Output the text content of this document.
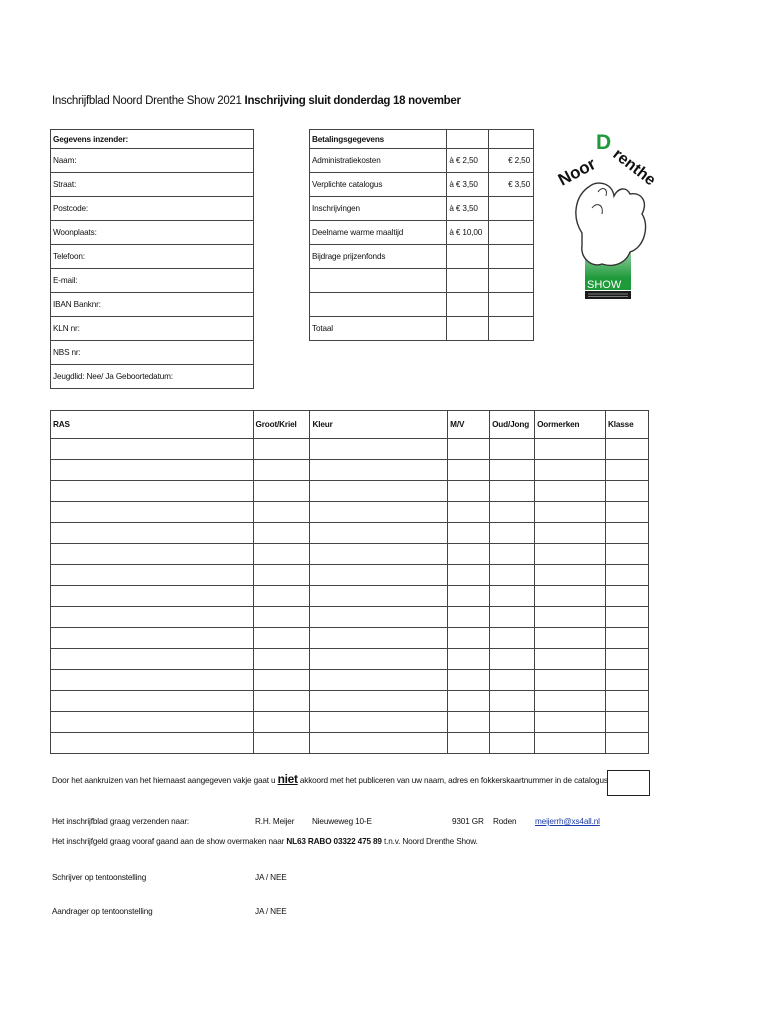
Inschrijfblad Noord Drenthe Show 2021 Inschrijving sluit donderdag 18 november
Gegevens inzender:
Naam:
Straat:
Postcode:
Woonplaats:
Telefoon:
E-mail:
IBAN Banknr:
KLN nr:
NBS nr:
Jeugdlid: Nee/ Ja Geboortedatum:
Betalingsgegevens		
Administratiekosten	à € 2,50	€ 2,50
Verplichte catalogus	à € 3,50	€ 3,50
Inschrijvingen	à € 3,50	
Deelname warme maaltijd	à € 10,00	
Bijdrage prijzenfonds		

Totaal		
Noor
D
renthe
SHOW
RAS	Groot/Kriel	Kleur	M/V	Oud/Jong	Oormerken	Klasse

Door het aankruizen van het hiernaast aangegeven vakje gaat u niet akkoord met het publiceren van uw naam, adres en fokkerskaartnummer in de catalogus
Het inschrijfblad graag verzenden naar:	R.H. Meijer Nieuweweg 10-E	9301 GR Roden meijerrh@xs4all.nl
Het inschrijfgeld graag vooraf gaand aan de show overmaken naar NL63 RABO 03322 475 89 t.n.v. Noord Drenthe Show.
Schrijver op tentoonstelling	JA / NEE
Aandrager op tentoonstelling	JA / NEE
